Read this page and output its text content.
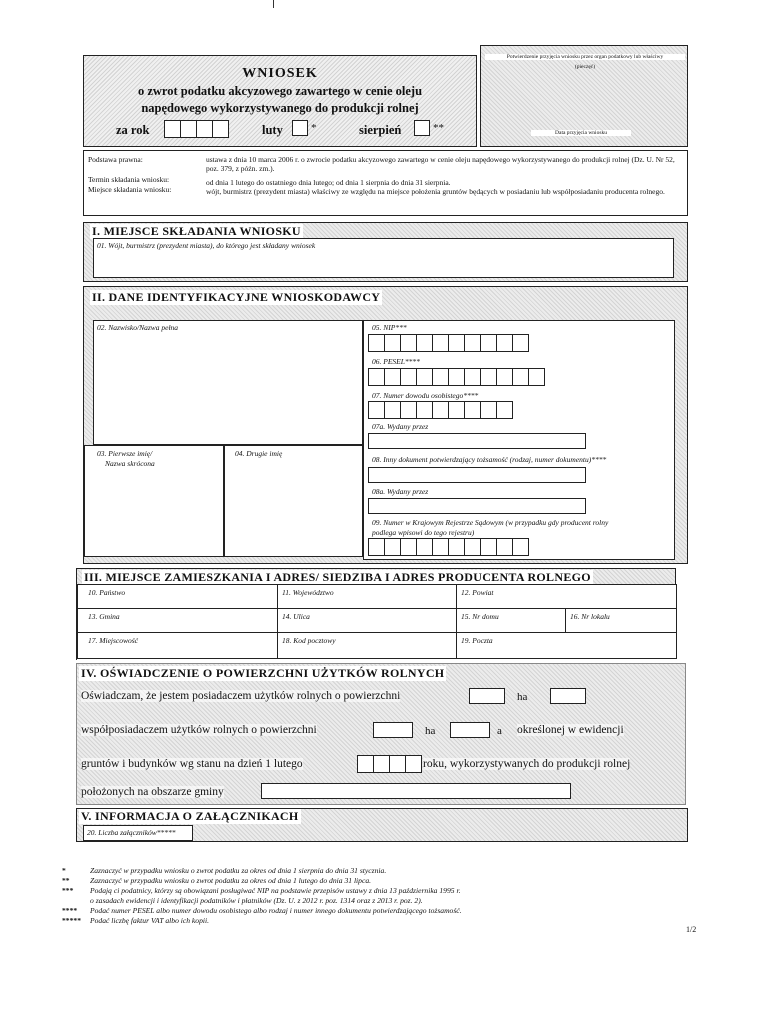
WNIOSEK
o zwrot podatku akcyzowego zawartego w cenie oleju
napędowego wykorzystywanego do produkcji rolnej
za rok	luty	*	sierpień	**
Potwierdzenie przyjęcia wniosku przez organ podatkowy lub właściwy
(pieczęć)
Data przyjęcia wniosku
Podstawa prawna:	ustawa z dnia 10 marca 2006 r. o zwrocie podatku akcyzowego zawartego w cenie oleju napędowego wykorzystywanego do produkcji rolnej (Dz. U. Nr 52, poz. 379, z późn. zm.).
Termin składania wniosku:	od dnia 1 lutego do ostatniego dnia lutego; od dnia 1 sierpnia do dnia 31 sierpnia.
Miejsce składania wniosku:	wójt, burmistrz (prezydent miasta) właściwy ze względu na miejsce położenia gruntów będących w posiadaniu lub współposiadaniu producenta rolnego.
I. MIEJSCE SKŁADANIA WNIOSKU
01. Wójt, burmistrz (prezydent miasta), do którego jest składany wniosek
II. DANE IDENTYFIKACYJNE WNIOSKODAWCY
02. Nazwisko/Nazwa pełna
03. Pierwsze imię/
Nazwa skrócona
04. Drugie imię
05. NIP***
06. PESEL****
07. Numer dowodu osobistego****
07a. Wydany przez
08. Inny dokument potwierdzający tożsamość (rodzaj, numer dokumentu)****
08a. Wydany przez
09. Numer w Krajowym Rejestrze Sądowym (w przypadku gdy producent rolny
podlega wpisowi do tego rejestru)
III. MIEJSCE ZAMIESZKANIA I ADRES/ SIEDZIBA I ADRES PRODUCENTA ROLNEGO
10. Państwo	11. Województwo	12. Powiat
13. Gmina	14. Ulica	15. Nr domu	16. Nr lokalu
17. Miejscowość	18. Kod pocztowy	19. Poczta
IV. OŚWIADCZENIE O POWIERZCHNI UŻYTKÓW ROLNYCH
Oświadczam, że jestem posiadaczem użytków rolnych o powierzchni	ha
współposiadaczem użytków rolnych o powierzchni	ha	a określonej w ewidencji
gruntów i budynków wg stanu na dzień 1 lutego	roku, wykorzystywanych do produkcji rolnej
położonych na obszarze gminy
V. INFORMACJA O ZAŁĄCZNIKACH
20. Liczba załączników*****
*	Zaznaczyć w przypadku wniosku o zwrot podatku za okres od dnia 1 sierpnia do dnia 31 stycznia.
**	Zaznaczyć w przypadku wniosku o zwrot podatku za okres od dnia 1 lutego do dnia 31 lipca.
***	Podają ci podatnicy, którzy są obowiązani posługiwać NIP na podstawie przepisów ustawy z dnia 13 października 1995 r.
o zasadach ewidencji i identyfikacji podatników i płatników (Dz. U. z 2012 r. poz. 1314 oraz z 2013 r. poz. 2).
****	Podać numer PESEL albo numer dowodu osobistego albo rodzaj i numer innego dokumentu potwierdzającego tożsamość.
*****	Podać liczbę faktur VAT albo ich kopii.
1/2
